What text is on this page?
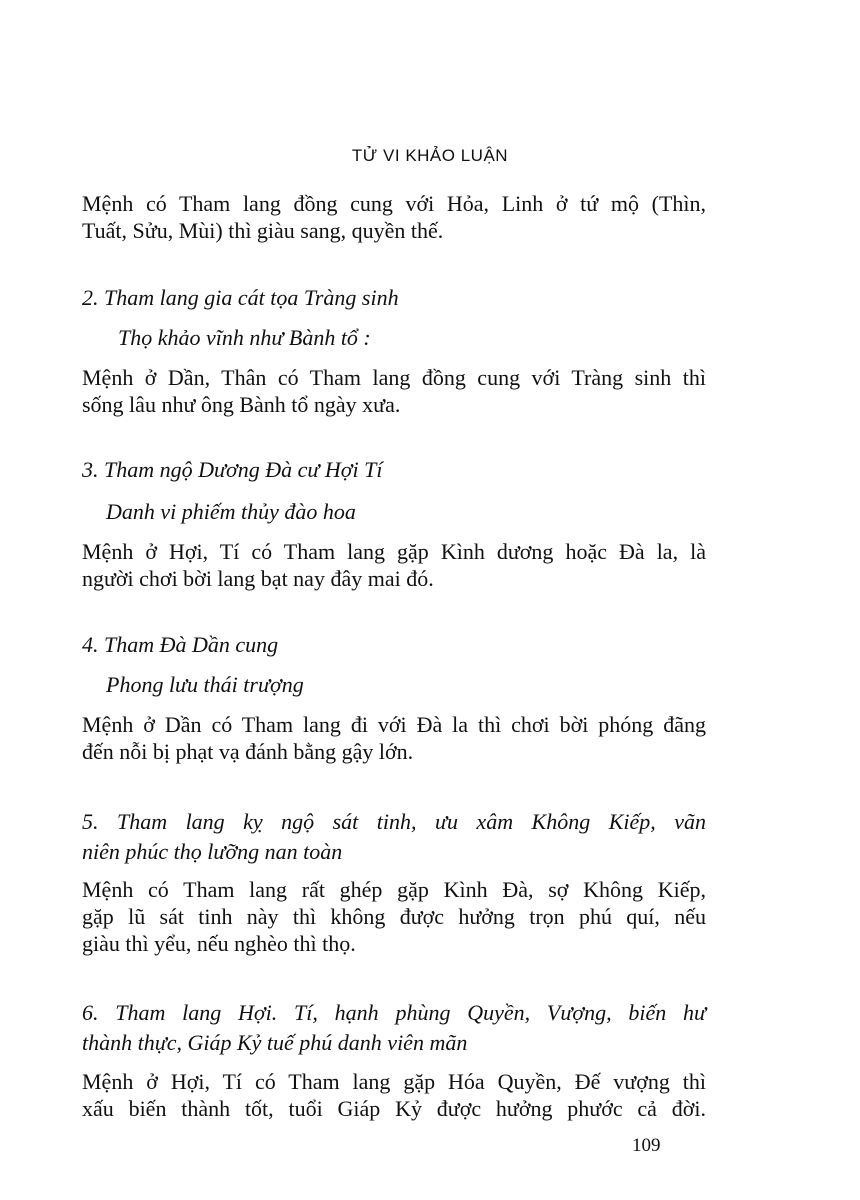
TỬ VI KHẢO LUẬN
Mệnh có Tham lang đồng cung với Hỏa, Linh ở tứ mộ (Thìn,
Tuất, Sửu, Mùi) thì giàu sang, quyền thế.
2. Tham lang gia cát tọa Tràng sinh
Thọ khảo vĩnh như Bành tổ :
Mệnh ở Dần, Thân có Tham lang đồng cung với Tràng sinh thì
sống lâu như ông Bành tổ ngày xưa.
3. Tham ngộ Dương Đà cư Hợi Tí
Danh vi phiếm thủy đào hoa
Mệnh ở Hợi, Tí có Tham lang gặp Kình dương hoặc Đà la, là
người chơi bời lang bạt nay đây mai đó.
4. Tham Đà Dần cung
Phong lưu thái trượng
Mệnh ở Dần có Tham lang đi với Đà la thì chơi bời phóng đãng
đến nỗi bị phạt vạ đánh bằng gậy lớn.
5. Tham lang kỵ ngộ sát tinh, ưu xâm Không Kiếp, vãn
niên phúc thọ lưỡng nan toàn
Mệnh có Tham lang rất ghép gặp Kình Đà, sợ Không Kiếp,
gặp lũ sát tinh này thì không được hưởng trọn phú quí, nếu
giàu thì yểu, nếu nghèo thì thọ.
6. Tham lang Hợi. Tí, hạnh phùng Quyền, Vượng, biến hư
thành thực, Giáp Kỷ tuế phú danh viên mãn
Mệnh ở Hợi, Tí có Tham lang gặp Hóa Quyền, Đế vượng thì
xấu biến thành tốt, tuổi Giáp Kỷ được hưởng phước cả đời.
109
